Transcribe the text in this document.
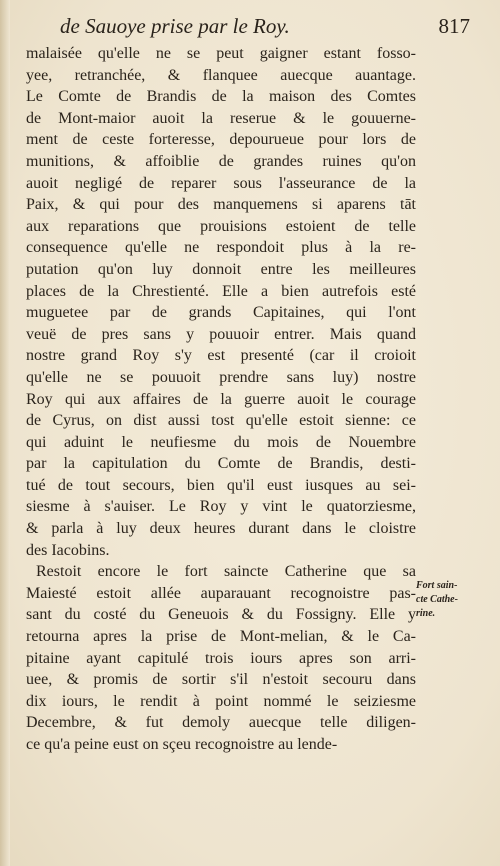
de Sauoye prise par le Roy.	817
malaisée qu'elle ne se peut gaigner estant fosso-
yee, retranchée, & flanquee auecque auantage.
Le Comte de Brandis de la maison des Comtes
de Mont-maior auoit la reserue & le gouuerne-
ment de ceste forteresse, depourueue pour lors de
munitions, & affoiblie de grandes ruines qu'on
auoit negligé de reparer sous l'asseurance de la
Paix, & qui pour des manquemens si aparens tāt
aux reparations que prouisions estoient de telle
consequence qu'elle ne respondoit plus à la re-
putation qu'on luy donnoit entre les meilleures
places de la Chrestienté. Elle a bien autrefois esté
muguetee par de grands Capitaines, qui l'ont
veuë de pres sans y pouuoir entrer. Mais quand
nostre grand Roy s'y est presenté (car il croioit
qu'elle ne se pouuoit prendre sans luy) nostre
Roy qui aux affaires de la guerre auoit le courage
de Cyrus, on dist aussi tost qu'elle estoit sienne: ce
qui aduint le neufiesme du mois de Nouembre
par la capitulation du Comte de Brandis, desti-
tué de tout secours, bien qu'il eust iusques au sei-
siesme à s'auiser. Le Roy y vint le quatorziesme,
& parla à luy deux heures durant dans le cloistre
des Iacobins.
Restoit encore le fort saincte Catherine que sa
Maiesté estoit allée auparauant recognoistre pas-
sant du costé du Geneuois & du Fossigny. Elle y
retourna apres la prise de Mont-melian, & le Ca-
pitaine ayant capitulé trois iours apres son arri-
uee, & promis de sortir s'il n'estoit secouru dans
dix iours, le rendit à point nommé le seiziesme
Decembre, & fut demoly auecque telle diligen-
ce qu'a peine eust on sçeu recognoistre au lende-
Fort sain-
cte Cathe-
rine.
